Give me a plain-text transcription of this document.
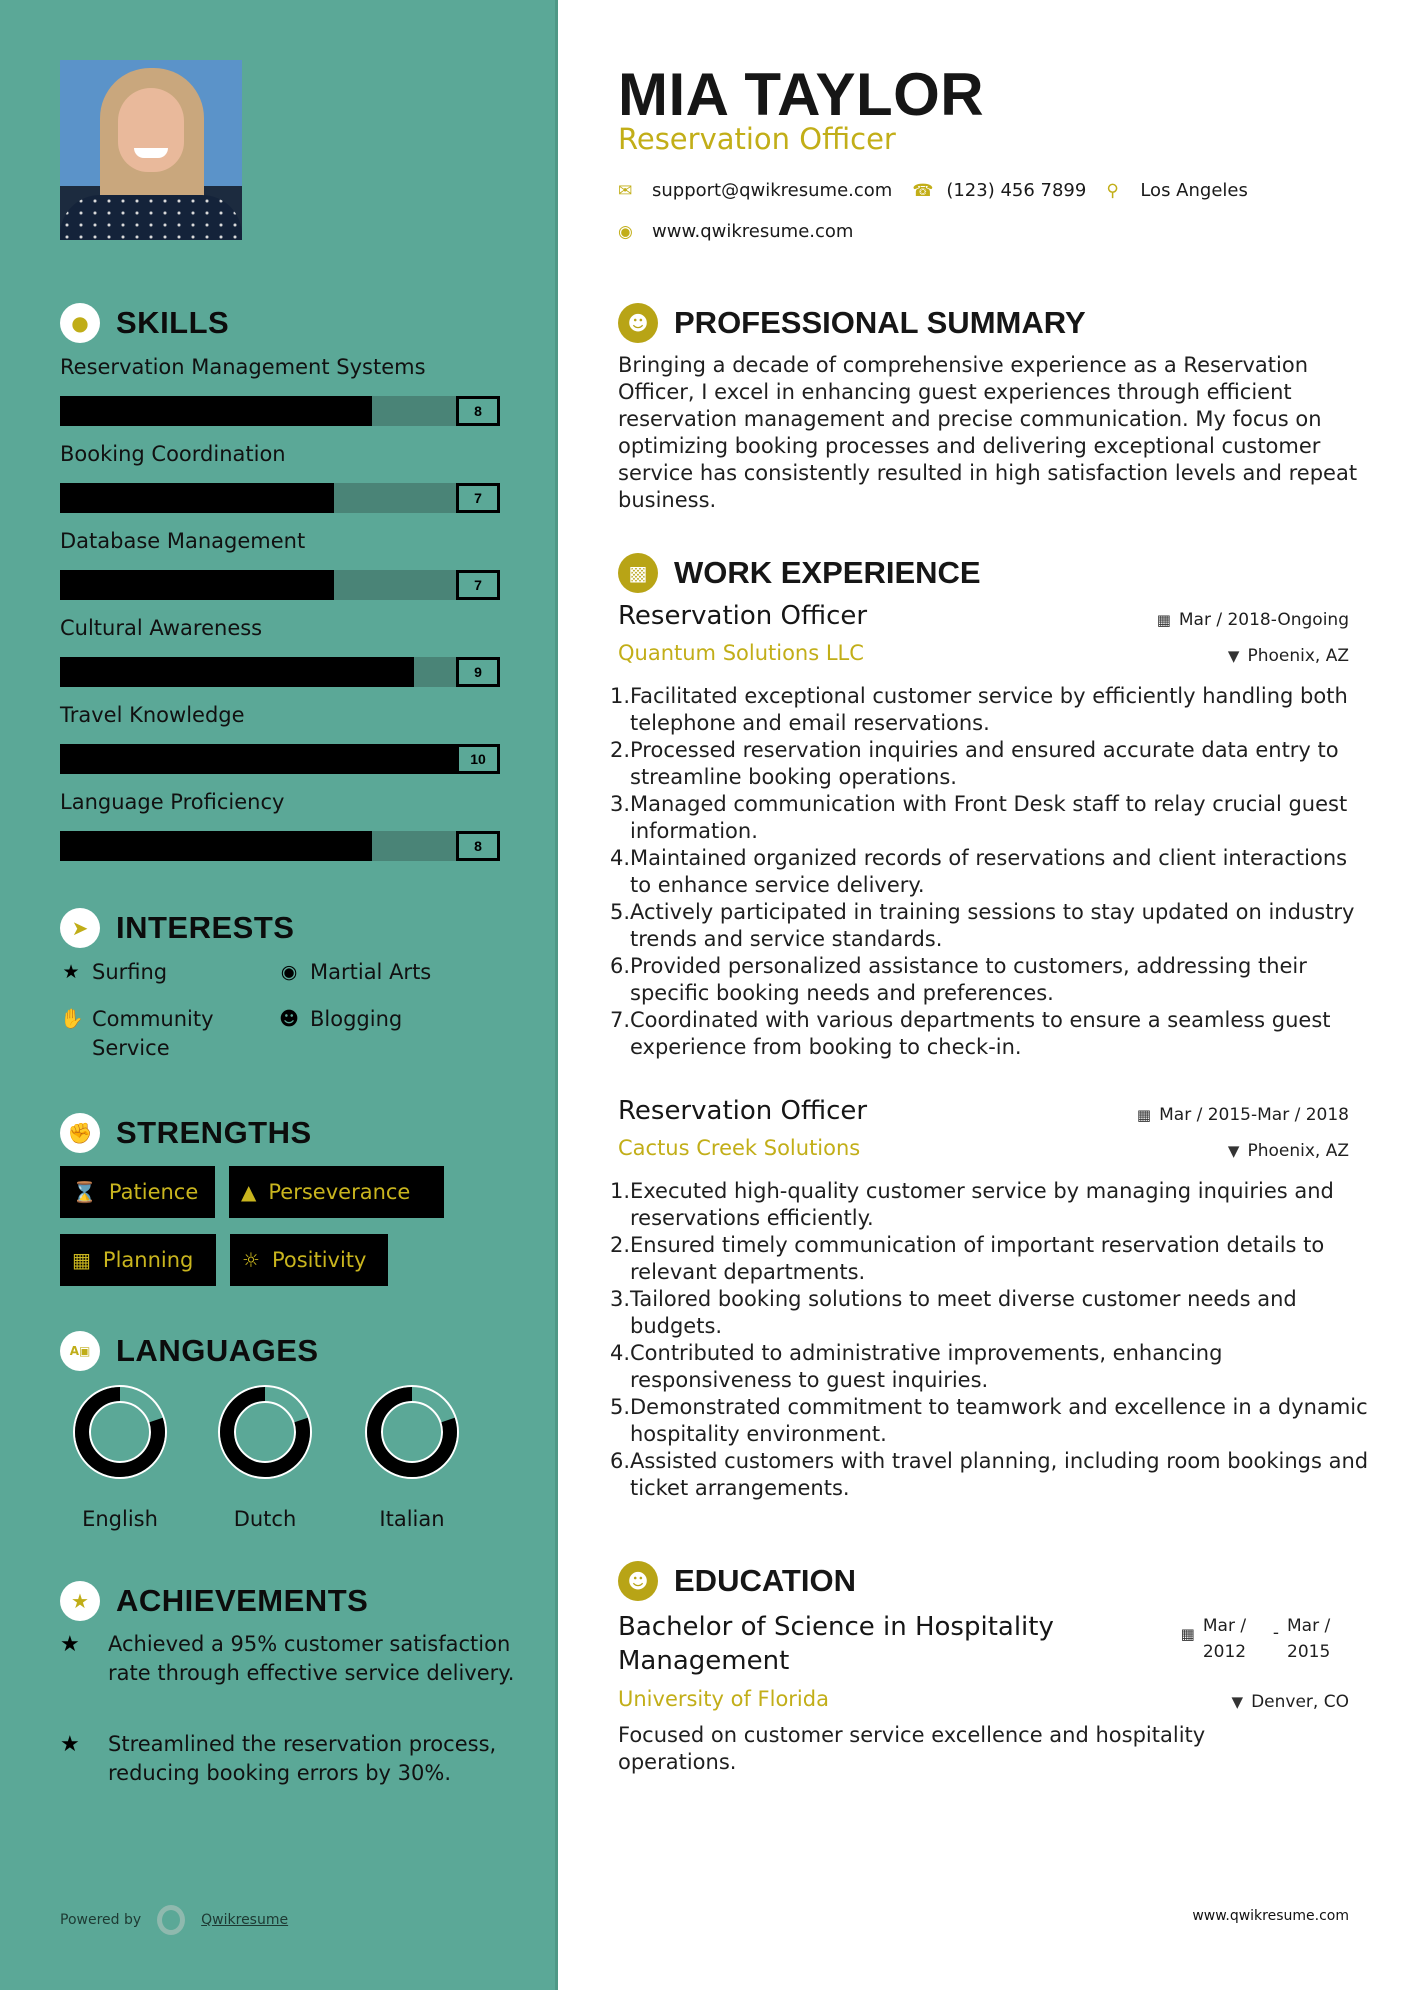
● SKILLS
Reservation Management Systems
8
Booking Coordination
7
Database Management
7
Cultural Awareness
9
Travel Knowledge
10
Language Proficiency
8
➤ INTERESTS
★ Surfing	◉ Martial Arts
✋ Community Service
☻ Blogging
✊ STRENGTHS
⌛ Patience ▲ Perseverance
▦ Planning ☼ Positivity
A▣ LANGUAGES
English	Dutch	Italian
★ ACHIEVEMENTS
★	Achieved a 95% customer satisfaction rate through effective service delivery.
★	Streamlined the reservation process, reducing booking errors by 30%.
Powered by	Qwikresume
MIA TAYLOR
Reservation Officer
✉	support@qwikresume.com ☎ (123) 456 7899 ⚲	Los Angeles
◉ www.qwikresume.com
☻ PROFESSIONAL SUMMARY
Bringing a decade of comprehensive experience as a Reservation Officer, I excel in enhancing guest experiences through efficient reservation management and precise communication. My focus on optimizing booking processes and delivering exceptional customer service has consistently resulted in high satisfaction levels and repeat business.
▩ WORK EXPERIENCE
Reservation Officer	▦ Mar / 2018-Ongoing
Quantum Solutions LLC	▼ Phoenix, AZ
1. Facilitated exceptional customer service by efficiently handling both telephone and email reservations.
2. Processed reservation inquiries and ensured accurate data entry to streamline booking operations.
3. Managed communication with Front Desk staff to relay crucial guest information.
4. Maintained organized records of reservations and client interactions to enhance service delivery.
5. Actively participated in training sessions to stay updated on industry trends and service standards.
6. Provided personalized assistance to customers, addressing their specific booking needs and preferences.
7. Coordinated with various departments to ensure a seamless guest experience from booking to check-in.
Reservation Officer	▦ Mar / 2015-Mar / 2018
Cactus Creek Solutions	▼ Phoenix, AZ
1. Executed high-quality customer service by managing inquiries and reservations efficiently.
2. Ensured timely communication of important reservation details to relevant departments.
3. Tailored booking solutions to meet diverse customer needs and budgets.
4. Contributed to administrative improvements, enhancing responsiveness to guest inquiries.
5. Demonstrated commitment to teamwork and excellence in a dynamic hospitality environment.
6. Assisted customers with travel planning, including room bookings and ticket arrangements.
☻ EDUCATION
Bachelor of Science in Hospitality
Management
▦ Mar / 2012
- Mar / 2015
University of Florida	▼ Denver, CO
Focused on customer service excellence and hospitality operations.
www.qwikresume.com
